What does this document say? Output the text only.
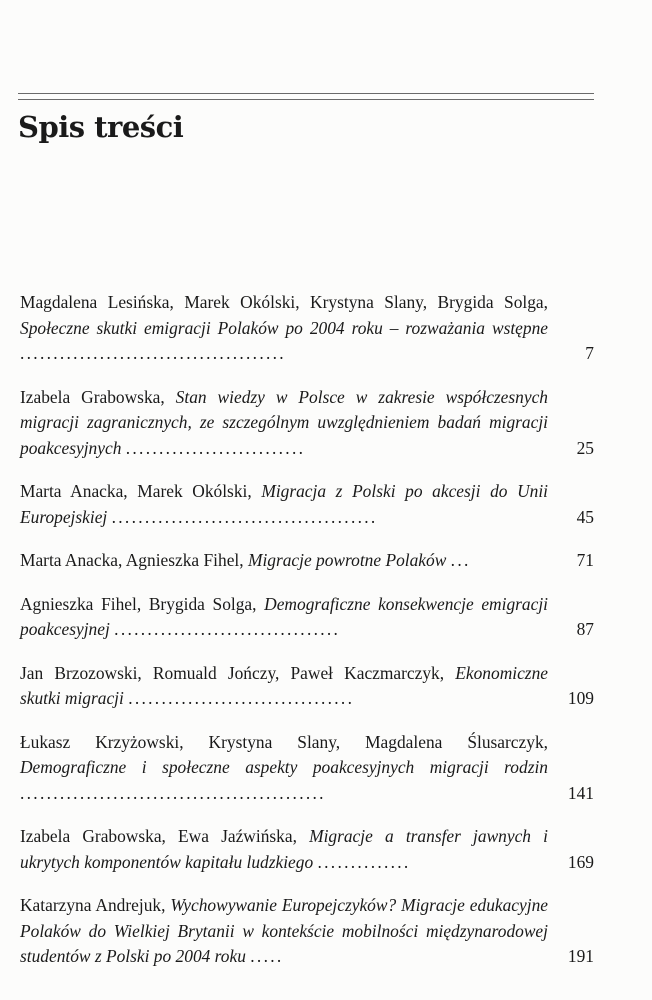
Spis treści
Magdalena Lesińska, Marek Okólski, Krystyna Slany, Brygida Solga, Społeczne skutki emigracji Polaków po 2004 roku – rozważania wstępne ........................................	7
Izabela Grabowska, Stan wiedzy w Polsce w zakresie współczesnych migracji zagranicznych, ze szczególnym uwzględnieniem badań migracji poakcesyjnych ...........................	25
Marta Anacka, Marek Okólski, Migracja z Polski po akcesji do Unii Europejskiej ........................................	45
Marta Anacka, Agnieszka Fihel, Migracje powrotne Polaków ...	71
Agnieszka Fihel, Brygida Solga, Demograficzne konsekwencje emigracji poakcesyjnej ..................................	87
Jan Brzozowski, Romuald Jończy, Paweł Kaczmarczyk, Ekonomiczne skutki migracji ..................................	109
Łukasz Krzyżowski, Krystyna Slany, Magdalena Ślusarczyk, Demograficzne i społeczne aspekty poakcesyjnych migracji rodzin ..............................................	141
Izabela Grabowska, Ewa Jaźwińska, Migracje a transfer jawnych i ukrytych komponentów kapitału ludzkiego ..............	169
Katarzyna Andrejuk, Wychowywanie Europejczyków? Migracje edukacyjne Polaków do Wielkiej Brytanii w kontekście mobilności międzynarodowej studentów z Polski po 2004 roku .....	191
